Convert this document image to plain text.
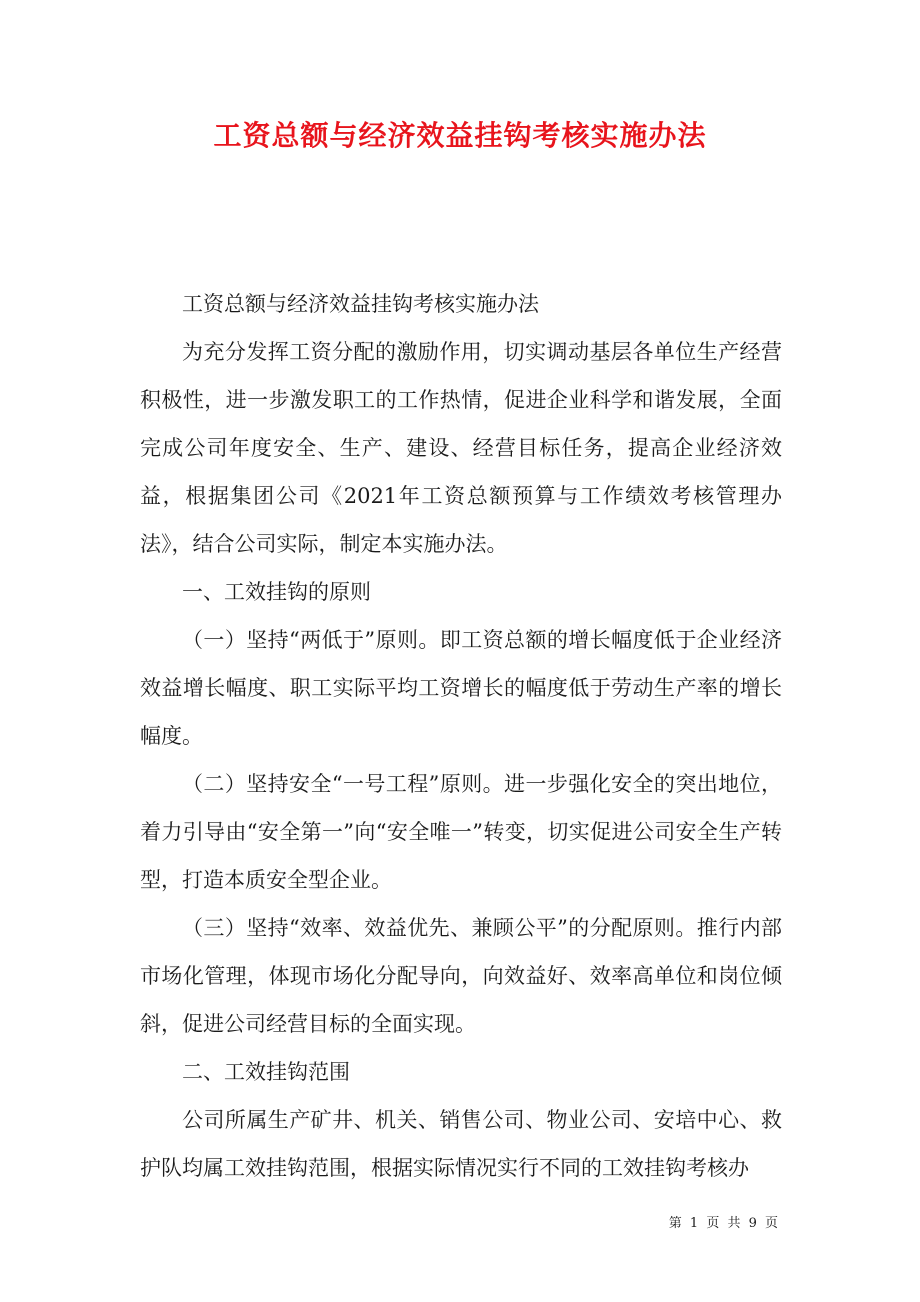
工资总额与经济效益挂钩考核实施办法

工资总额与经济效益挂钩考核实施办法

为充分发挥工资分配的激励作用，切实调动基层各单位生产经营积极性，进一步激发职工的工作热情，促进企业科学和谐发展，全面完成公司年度安全、生产、建设、经营目标任务，提高企业经济效益，根据集团公司《2021年工资总额预算与工作绩效考核管理办法》，结合公司实际，制定本实施办法。

一、工效挂钩的原则

（一）坚持“两低于”原则。即工资总额的增长幅度低于企业经济效益增长幅度、职工实际平均工资增长的幅度低于劳动生产率的增长幅度。

（二）坚持安全“一号工程”原则。进一步强化安全的突出地位，着力引导由“安全第一”向“安全唯一”转变，切实促进公司安全生产转型，打造本质安全型企业。

（三）坚持“效率、效益优先、兼顾公平”的分配原则。推行内部市场化管理，体现市场化分配导向，向效益好、效率高单位和岗位倾斜，促进公司经营目标的全面实现。

二、工效挂钩范围

公司所属生产矿井、机关、销售公司、物业公司、安培中心、救护队均属工效挂钩范围，根据实际情况实行不同的工效挂钩考核办

第 1 页 共 9 页
